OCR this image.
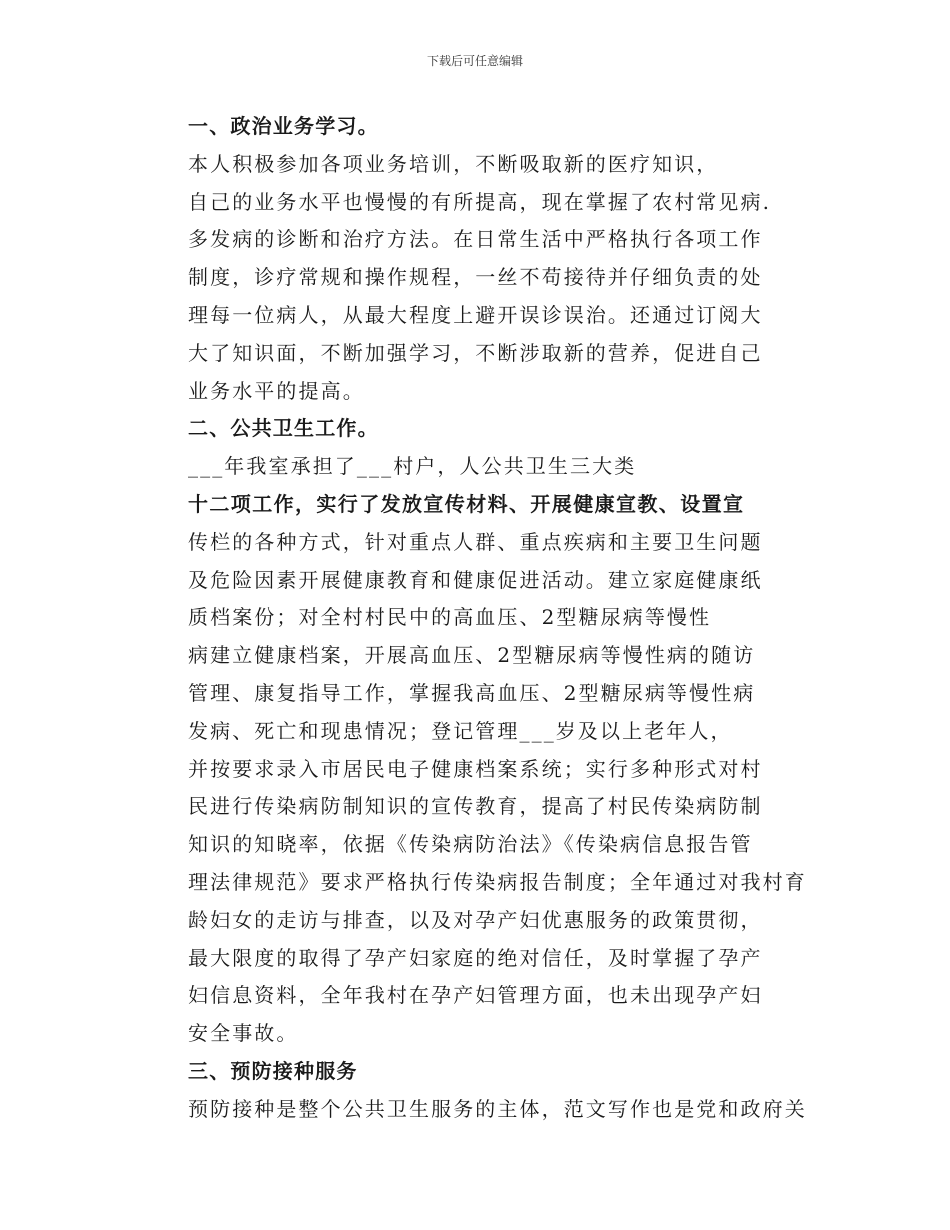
下载后可任意编辑
一、政治业务学习。
本人积极参加各项业务培训，不断吸取新的医疗知识，
自己的业务水平也慢慢的有所提高，现在掌握了农村常见病.
多发病的诊断和治疗方法。在日常生活中严格执行各项工作
制度，诊疗常规和操作规程，一丝不苟接待并仔细负责的处
理每一位病人，从最大程度上避开误诊误治。还通过订阅大
大了知识面，不断加强学习，不断涉取新的营养，促进自己
业务水平的提高。
二、公共卫生工作。
___年我室承担了___村户，人公共卫生三大类
十二项工作，实行了发放宣传材料、开展健康宣教、设置宣
传栏的各种方式，针对重点人群、重点疾病和主要卫生问题
及危险因素开展健康教育和健康促进活动。建立家庭健康纸
质档案份；对全村村民中的高血压、2型糖尿病等慢性
病建立健康档案，开展高血压、2型糖尿病等慢性病的随访
管理、康复指导工作，掌握我高血压、2型糖尿病等慢性病
发病、死亡和现患情况；登记管理___岁及以上老年人，
并按要求录入市居民电子健康档案系统；实行多种形式对村
民进行传染病防制知识的宣传教育，提高了村民传染病防制
知识的知晓率，依据《传染病防治法》《传染病信息报告管
理法律规范》要求严格执行传染病报告制度；全年通过对我村育
龄妇女的走访与排查，以及对孕产妇优惠服务的政策贯彻，
最大限度的取得了孕产妇家庭的绝对信任，及时掌握了孕产
妇信息资料，全年我村在孕产妇管理方面，也未出现孕产妇
安全事故。
三、预防接种服务
预防接种是整个公共卫生服务的主体，范文写作也是党和政府关
